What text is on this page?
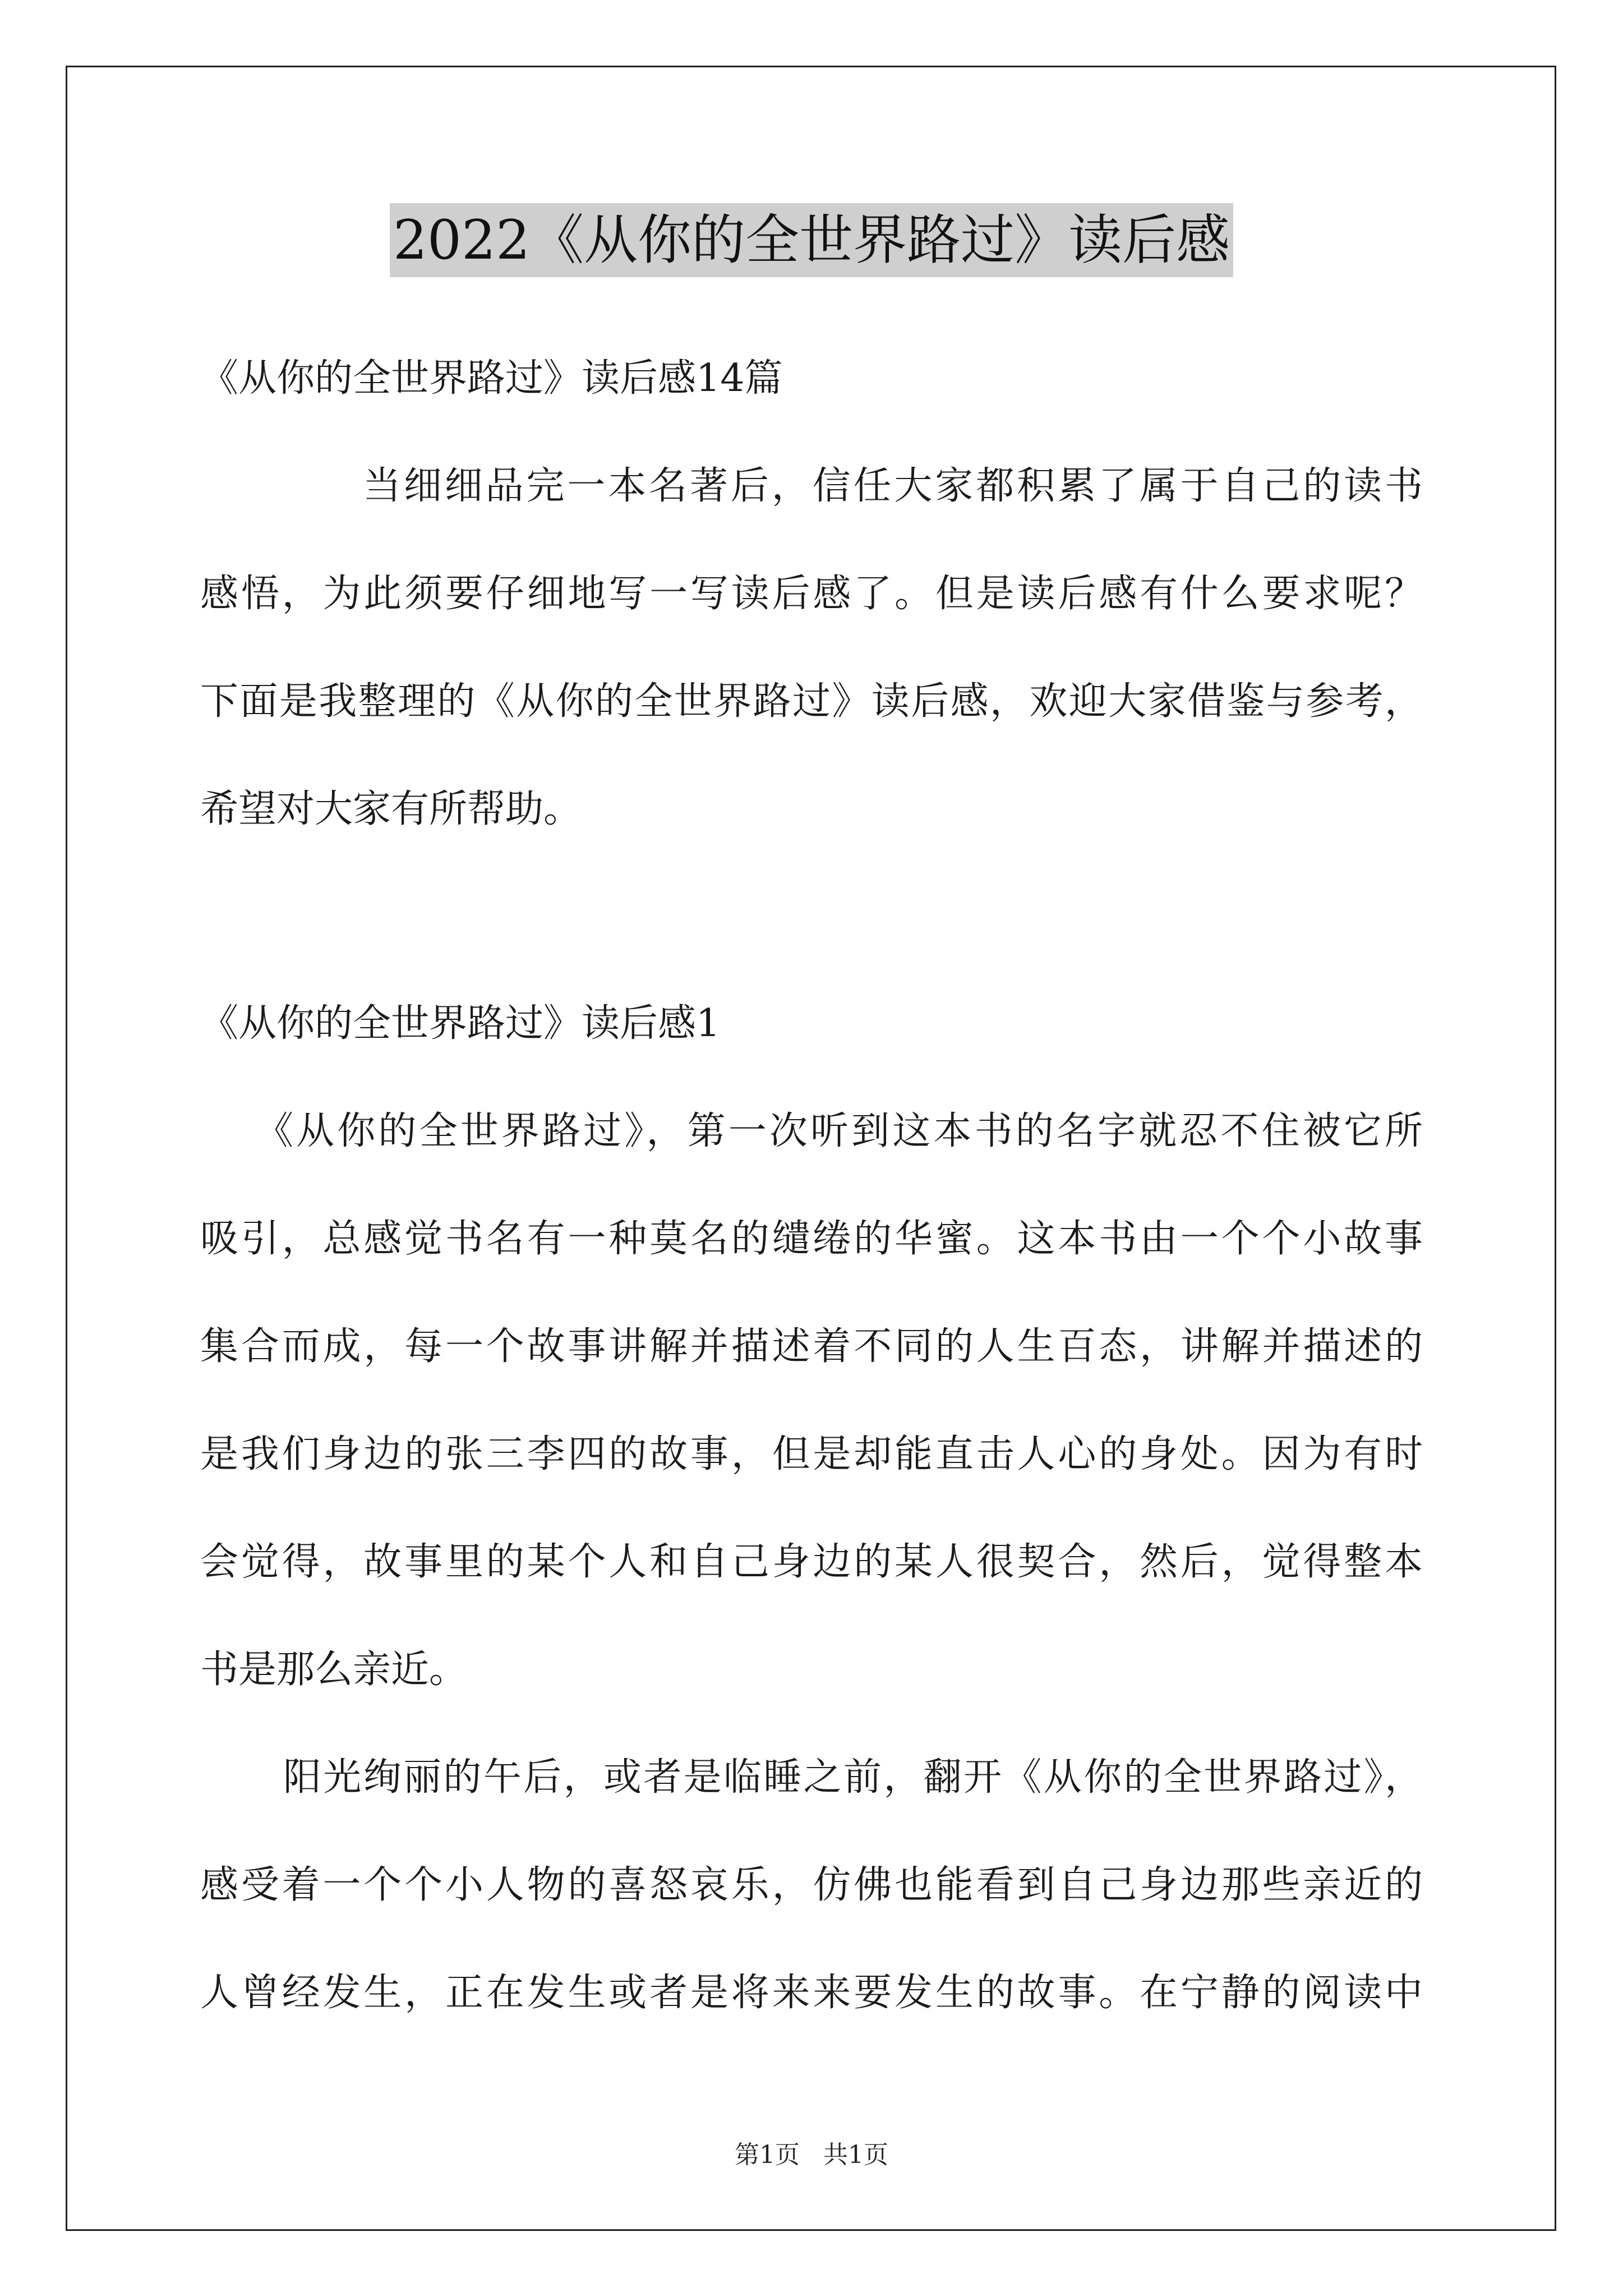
2022《从你的全世界路过》读后感
《从你的全世界路过》读后感14篇
当细细品完一本名著后，信任大家都积累了属于自己的读书
感悟，为此须要仔细地写一写读后感了。但是读后感有什么要求呢？
下面是我整理的《从你的全世界路过》读后感，欢迎大家借鉴与参考，
希望对大家有所帮助。
《从你的全世界路过》读后感1
《从你的全世界路过》，第一次听到这本书的名字就忍不住被它所
吸引，总感觉书名有一种莫名的缱绻的华蜜。这本书由一个个小故事
集合而成，每一个故事讲解并描述着不同的人生百态，讲解并描述的
是我们身边的张三李四的故事，但是却能直击人心的身处。因为有时
会觉得，故事里的某个人和自己身边的某人很契合，然后，觉得整本
书是那么亲近。
阳光绚丽的午后，或者是临睡之前，翻开《从你的全世界路过》，
感受着一个个小人物的喜怒哀乐，仿佛也能看到自己身边那些亲近的
人曾经发生，正在发生或者是将来来要发生的故事。在宁静的阅读中
第1页 共1页
